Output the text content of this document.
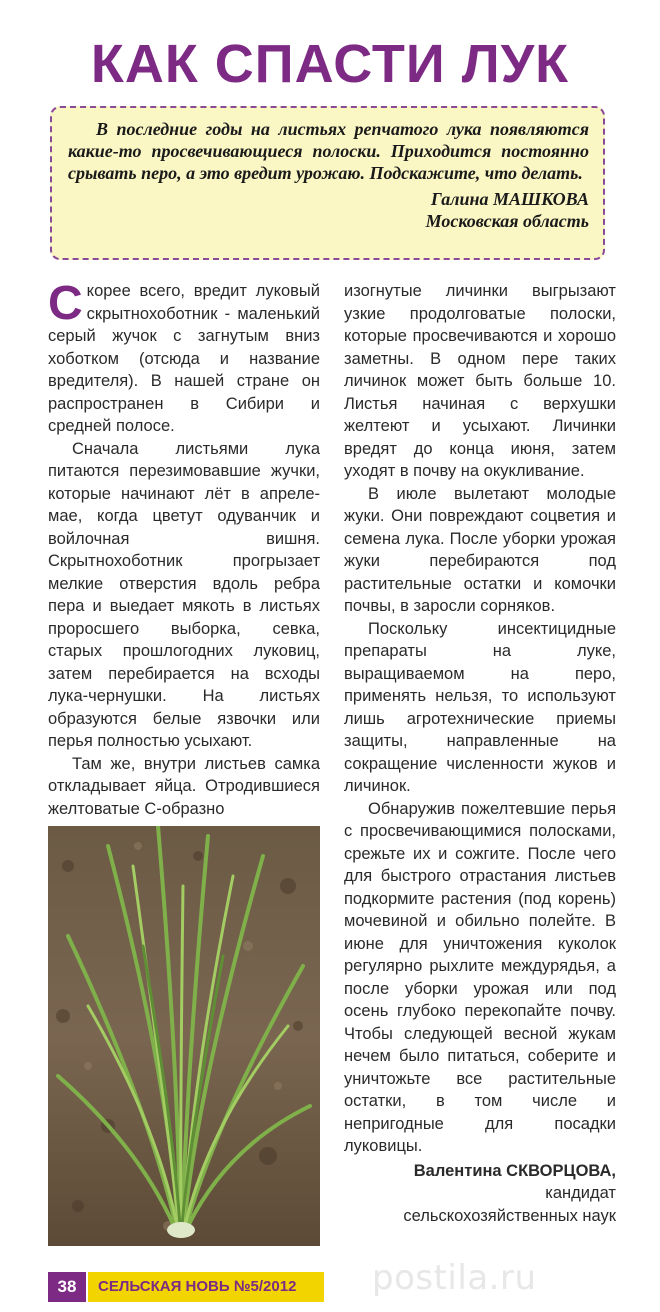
КАК СПАСТИ ЛУК

В последние годы на листьях репчатого лука появляются какие-то просвечивающиеся полоски. Приходится постоянно срывать перо, а это вредит урожаю. Подскажите, что делать.

Галина МАШКОВА
Московская область

Скорее всего, вредит луковый скрытнохоботник - маленький серый жучок с загнутым вниз хоботком (отсюда и название вредителя). В нашей стране он распространен в Сибири и средней полосе.

Сначала листьями лука питаются перезимовавшие жучки, которые начинают лёт в апреле-мае, когда цветут одуванчик и войлочная вишня. Скрытнохоботник прогрызает мелкие отверстия вдоль ребра пера и выедает мякоть в листьях проросшего выборка, севка, старых прошлогодних луковиц, затем перебирается на всходы лука-чернушки. На листьях образуются белые язвочки или перья полностью усыхают.

Там же, внутри листьев самка откладывает яйца. Отродившиеся желтоватые С-образно

изогнутые личинки выгрызают узкие продолговатые полоски, которые просвечиваются и хорошо заметны. В одном пере таких личинок может быть больше 10. Листья начиная с верхушки желтеют и усыхают. Личинки вредят до конца июня, затем уходят в почву на окукливание.

В июле вылетают молодые жуки. Они повреждают соцветия и семена лука. После уборки урожая жуки перебираются под растительные остатки и комочки почвы, в заросли сорняков.

Поскольку инсектицидные препараты на луке, выращиваемом на перо, применять нельзя, то используют лишь агротехнические приемы защиты, направленные на сокращение численности жуков и личинок.

Обнаружив пожелтевшие перья с просвечивающимися полосками, срежьте их и сожгите. После чего для быстрого отрастания листьев подкормите растения (под корень) мочевиной и обильно полейте. В июне для уничтожения куколок регулярно рыхлите междурядья, а после уборки урожая или под осень глубоко перекопайте почву. Чтобы следующей весной жукам нечем было питаться, соберите и уничтожьте все растительные остатки, в том числе и непригодные для посадки луковицы.

Валентина СКВОРЦОВА,
кандидат
сельскохозяйственных наук
38	СЕЛЬСКАЯ НОВЬ №5/2012	postila.ru
